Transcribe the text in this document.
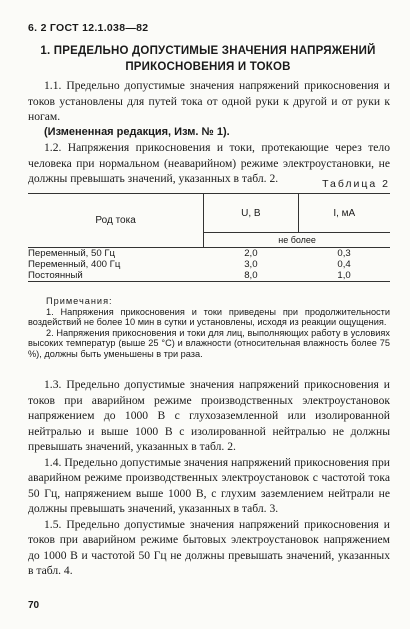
6. 2 ГОСТ 12.1.038—82
1. ПРЕДЕЛЬНО ДОПУСТИМЫЕ ЗНАЧЕНИЯ НАПРЯЖЕНИЙ ПРИКОСНОВЕНИЯ И ТОКОВ

1.1. Предельно допустимые значения напряжений прикосновения и токов установлены для путей тока от одной руки к другой и от руки к ногам.

(Измененная редакция, Изм. № 1).

1.2. Напряжения прикосновения и токи, протекающие через тело человека при нормальном (неаварийном) режиме электроустановки, не должны превышать значений, указанных в табл. 2.	Таблица 2
Род тока	U, В	I, мА
	не более	
Переменный, 50 Гц	2,0	0,3
Переменный, 400 Гц	3,0	0,4
Постоянный	8,0	1,0

Примечания:

1. Напряжения прикосновения и токи приведены при продолжительности воздействий не более 10 мин в сутки и установлены, исходя из реакции ощущения.

2. Напряжения прикосновения и токи для лиц, выполняющих работу в условиях высоких температур (выше 25 °С) и влажности (относительная влажность более 75 %), должны быть уменьшены в три раза.

1.3. Предельно допустимые значения напряжений прикосновения и токов при аварийном режиме производственных электроустановок напряжением до 1000 В с глухозаземленной или изолированной нейтралью и выше 1000 В с изолированной нейтралью не должны превышать значений, указанных в табл. 2.

1.4. Предельно допустимые значения напряжений прикосновения при аварийном режиме производственных электроустановок с частотой тока 50 Гц, напряжением выше 1000 В, с глухим заземлением нейтрали не должны превышать значений, указанных в табл. 3.

1.5. Предельно допустимые значения напряжений прикосновения и токов при аварийном режиме бытовых электроустановок напряжением до 1000 В и частотой 50 Гц не должны превышать значений, указанных в табл. 4.

70
